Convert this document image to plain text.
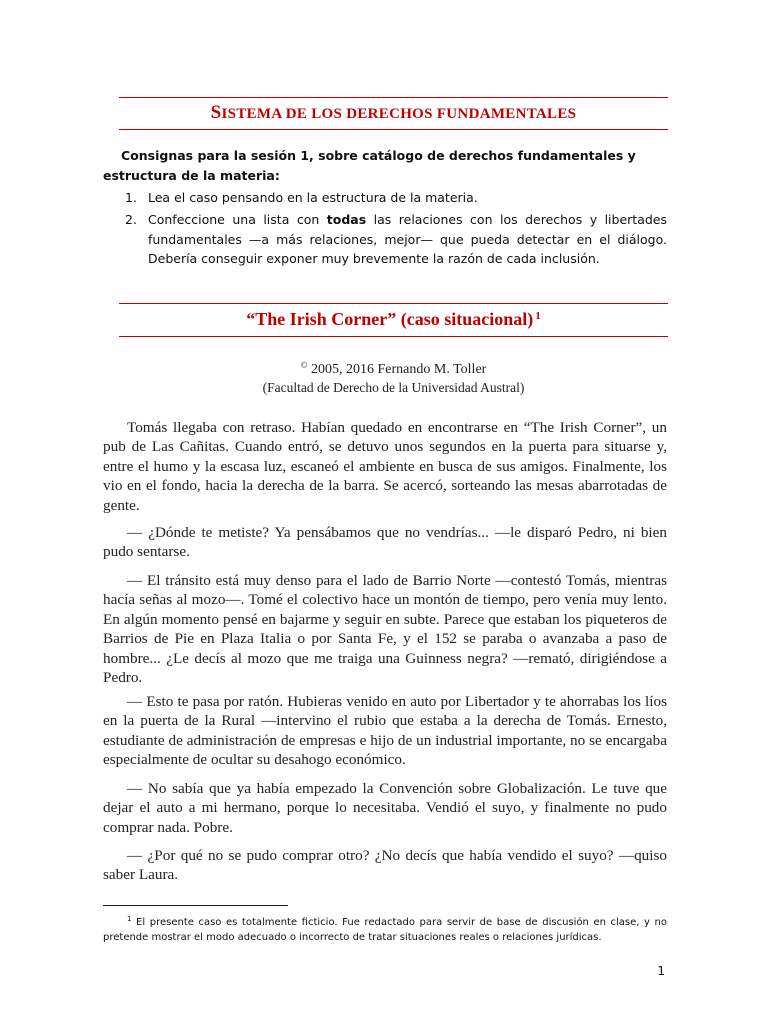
SISTEMA DE LOS DERECHOS FUNDAMENTALES
Consignas para la sesión 1, sobre catálogo de derechos fundamentales y estructura de la materia:
1. Lea el caso pensando en la estructura de la materia.
2. Confeccione una lista con todas las relaciones con los derechos y libertades fundamentales —a más relaciones, mejor— que pueda detectar en el diálogo. Debería conseguir exponer muy brevemente la razón de cada inclusión.
“The Irish Corner” (caso situacional) $^1$
© 2005, 2016 Fernando M. Toller
(Facultad de Derecho de la Universidad Austral)

Tomás llegaba con retraso. Habían quedado en encontrarse en “The Irish Corner”, un pub de Las Cañitas. Cuando entró, se detuvo unos segundos en la puerta para situarse y, entre el humo y la escasa luz, escaneó el ambiente en busca de sus amigos. Finalmente, los vio en el fondo, hacia la derecha de la barra. Se acercó, sorteando las mesas abarrotadas de gente.

— ¿Dónde te metiste? Ya pensábamos que no vendrías... —le disparó Pedro, ni bien pudo sentarse.

— El tránsito está muy denso para el lado de Barrio Norte —contestó Tomás, mientras hacía señas al mozo—. Tomé el colectivo hace un montón de tiempo, pero venía muy lento. En algún momento pensé en bajarme y seguir en subte. Parece que estaban los piqueteros de Barrios de Pie en Plaza Italia o por Santa Fe, y el 152 se paraba o avanzaba a paso de hombre... ¿Le decís al mozo que me traiga una Guinness negra? —remató, dirigiéndose a Pedro.

— Esto te pasa por ratón. Hubieras venido en auto por Libertador y te ahorrabas los líos en la puerta de la Rural —intervino el rubio que estaba a la derecha de Tomás. Ernesto, estudiante de administración de empresas e hijo de un industrial importante, no se encargaba especialmente de ocultar su desahogo económico.

— No sabía que ya había empezado la Convención sobre Globalización. Le tuve que dejar el auto a mi hermano, porque lo necesitaba. Vendió el suyo, y finalmente no pudo comprar nada. Pobre.

— ¿Por qué no se pudo comprar otro? ¿No decís que había vendido el suyo? —quiso saber Laura.

$^1$ El presente caso es totalmente ficticio. Fue redactado para servir de base de discusión en clase, y no pretende mostrar el modo adecuado o incorrecto de tratar situaciones reales o relaciones jurídicas.

1
